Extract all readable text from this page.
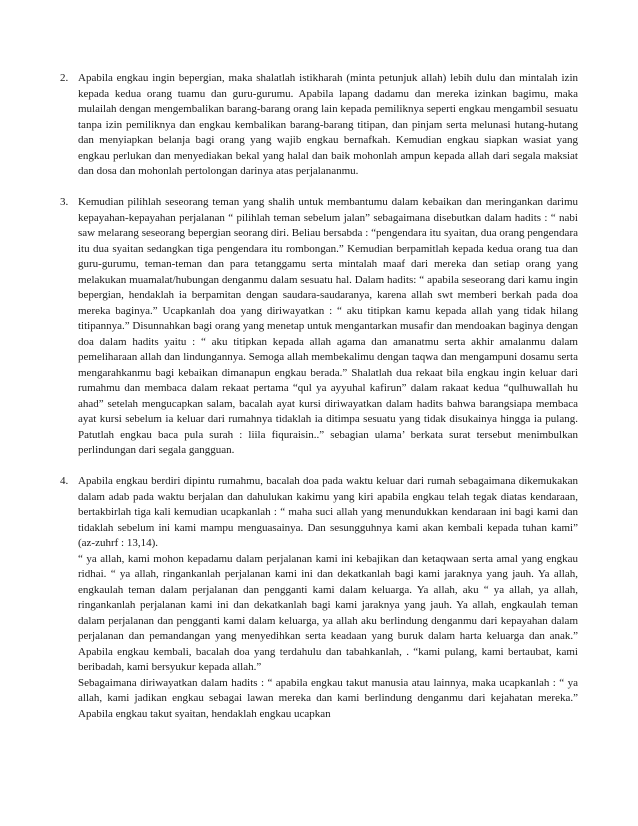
2. Apabila engkau ingin bepergian, maka shalatlah istikharah (minta petunjuk allah) lebih dulu dan mintalah izin kepada kedua orang tuamu dan guru-gurumu. Apabila lapang dadamu dan mereka izinkan bagimu, maka mulailah dengan mengembalikan barang-barang orang lain kepada pemiliknya seperti engkau mengambil sesuatu tanpa izin pemiliknya dan engkau kembalikan barang-barang titipan, dan pinjam serta melunasi hutang-hutang dan menyiapkan belanja bagi orang yang wajib engkau bernafkah. Kemudian engkau siapkan wasiat yang engkau perlukan dan menyediakan bekal yang halal dan baik mohonlah ampun kepada allah dari segala maksiat dan dosa dan mohonlah pertolongan darinya atas perjalananmu.
3. Kemudian pilihlah seseorang teman yang shalih untuk membantumu dalam kebaikan dan meringankan darimu kepayahan-kepayahan perjalanan “ pilihlah teman sebelum jalan” sebagaimana disebutkan dalam hadits : “ nabi saw melarang seseorang bepergian seorang diri. Beliau bersabda : “pengendara itu syaitan, dua orang pengendara itu dua syaitan sedangkan tiga pengendara itu rombongan.” Kemudian berpamitlah kepada kedua orang tua dan guru-gurumu, teman-teman dan para tetanggamu serta mintalah maaf dari mereka dan setiap orang yang melakukan muamalat/hubungan denganmu dalam sesuatu hal. Dalam hadits: “ apabila seseorang dari kamu ingin bepergian, hendaklah ia berpamitan dengan saudara-saudaranya, karena allah swt memberi berkah pada doa mereka baginya.” Ucapkanlah doa yang diriwayatkan : “ aku titipkan kamu kepada allah yang tidak hilang titipannya.” Disunnahkan bagi orang yang menetap untuk mengantarkan musafir dan mendoakan baginya dengan doa dalam hadits yaitu : “ aku titipkan kepada allah agama dan amanatmu serta akhir amalanmu dalam pemeliharaan allah dan lindungannya. Semoga allah membekalimu dengan taqwa dan mengampuni dosamu serta mengarahkanmu bagi kebaikan dimanapun engkau berada.” Shalatlah dua rekaat bila engkau ingin keluar dari rumahmu dan membaca dalam rekaat pertama “qul ya ayyuhal kafirun” dalam rakaat kedua “qulhuwallah hu ahad” setelah mengucapkan salam, bacalah ayat kursi diriwayatkan dalam hadits bahwa barangsiapa membaca ayat kursi sebelum ia keluar dari rumahnya tidaklah ia ditimpa sesuatu yang tidak disukainya hingga ia pulang. Patutlah engkau baca pula surah : liila fiquraisin..” sebagian ulama’ berkata surat tersebut menimbulkan perlindungan dari segala gangguan.
4. Apabila engkau berdiri dipintu rumahmu, bacalah doa pada waktu keluar dari rumah sebagaimana dikemukakan dalam adab pada waktu berjalan dan dahulukan kakimu yang kiri apabila engkau telah tegak diatas kendaraan, bertakbirlah tiga kali kemudian ucapkanlah : “ maha suci allah yang menundukkan kendaraan ini bagi kami dan tidaklah sebelum ini kami mampu menguasainya. Dan sesungguhnya kami akan kembali kepada tuhan kami” (az-zuhrf : 13,14).

“ ya allah, kami mohon kepadamu dalam perjalanan kami ini kebajikan dan ketaqwaan serta amal yang engkau ridhai. “ ya allah, ringankanlah perjalanan kami ini dan dekatkanlah bagi kami jaraknya yang jauh. Ya allah, engkaulah teman dalam perjalanan dan pengganti kami dalam keluarga. Ya allah, aku “ ya allah, ya allah, ringankanlah perjalanan kami ini dan dekatkanlah bagi kami jaraknya yang jauh. Ya allah, engkaulah teman dalam perjalanan dan pengganti kami dalam keluarga, ya allah aku berlindung denganmu dari kepayahan dalam perjalanan dan pemandangan yang menyedihkan serta keadaan yang buruk dalam harta keluarga dan anak.” Apabila engkau kembali, bacalah doa yang terdahulu dan tabahkanlah, . “kami pulang, kami bertaubat, kami beribadah, kami bersyukur kepada allah.”

Sebagaimana diriwayatkan dalam hadits : “ apabila engkau takut manusia atau lainnya, maka ucapkanlah : “ ya allah, kami jadikan engkau sebagai lawan mereka dan kami berlindung denganmu dari kejahatan mereka.” Apabila engkau takut syaitan, hendaklah engkau ucapkan
